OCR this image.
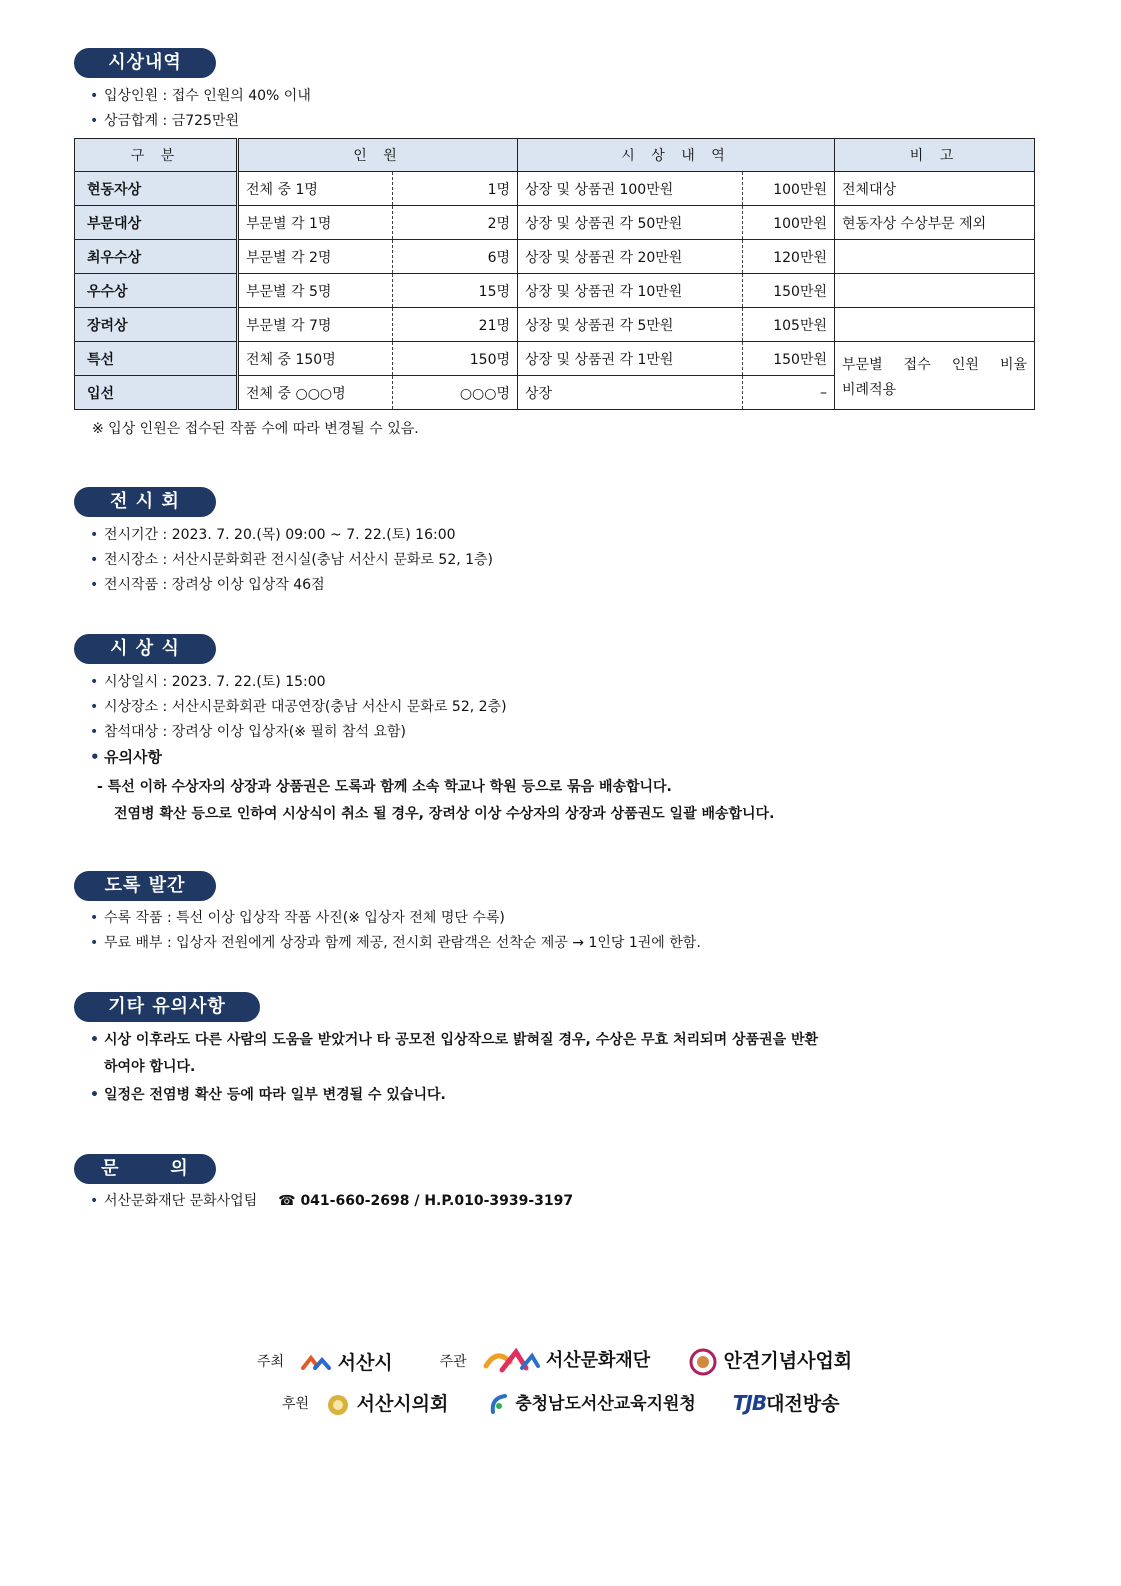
시상내역
• 입상인원 : 접수 인원의 40% 이내
• 상금합계 : 금725만원
구 분	인 원		시 상 내 역		비 고
현동자상	전체 중 1명	1명	상장 및 상품권 100만원	100만원	전체대상
부문대상	부문별 각 1명	2명	상장 및 상품권 각 50만원	100만원	현동자상 수상부문 제외
최우수상	부문별 각 2명	6명	상장 및 상품권 각 20만원	120만원	
우수상	부문별 각 5명	15명	상장 및 상품권 각 10만원	150만원	
장려상	부문별 각 7명	21명	상장 및 상품권 각 5만원	105만원	
특선	전체 중 150명	150명	상장 및 상품권 각 1만원	150만원	부문별 접수 인원 비율
비례적용

입선	전체 중 ○○○명	○○○명	상장	–	
※ 입상 인원은 접수된 작품 수에 따라 변경될 수 있음.
전 시 회
• 전시기간 : 2023. 7. 20.(목) 09:00 ~ 7. 22.(토) 16:00
• 전시장소 : 서산시문화회관 전시실(충남 서산시 문화로 52, 1층)
• 전시작품 : 장려상 이상 입상작 46점
시 상 식
• 시상일시 : 2023. 7. 22.(토) 15:00
• 시상장소 : 서산시문화회관 대공연장(충남 서산시 문화로 52, 2층)
• 참석대상 : 장려상 이상 입상자(※ 필히 참석 요함)
• 유의사항
- 특선 이하 수상자의 상장과 상품권은 도록과 함께 소속 학교나 학원 등으로 묶음 배송합니다.
전염병 확산 등으로 인하여 시상식이 취소 될 경우, 장려상 이상 수상자의 상장과 상품권도 일괄 배송합니다.
도록 발간
• 수록 작품 : 특선 이상 입상작 작품 사진(※ 입상자 전체 명단 수록)
• 무료 배부 : 입상자 전원에게 상장과 함께 제공, 전시회 관람객은 선착순 제공 → 1인당 1권에 한함.
기타 유의사항
• 시상 이후라도 다른 사람의 도움을 받았거나 타 공모전 입상작으로 밝혀질 경우, 수상은 무효 처리되며 상품권을 반환
하여야 합니다.
• 일정은 전염병 확산 등에 따라 일부 변경될 수 있습니다.
문       의
• 서산문화재단 문화사업팀 ☎ 041-660-2698 / H.P.010-3939-3197
주최	서산시	주관	서산문화재단	안견기념사업회
후원	서산시의회	충청남도서산교육지원청 TJB대전방송
